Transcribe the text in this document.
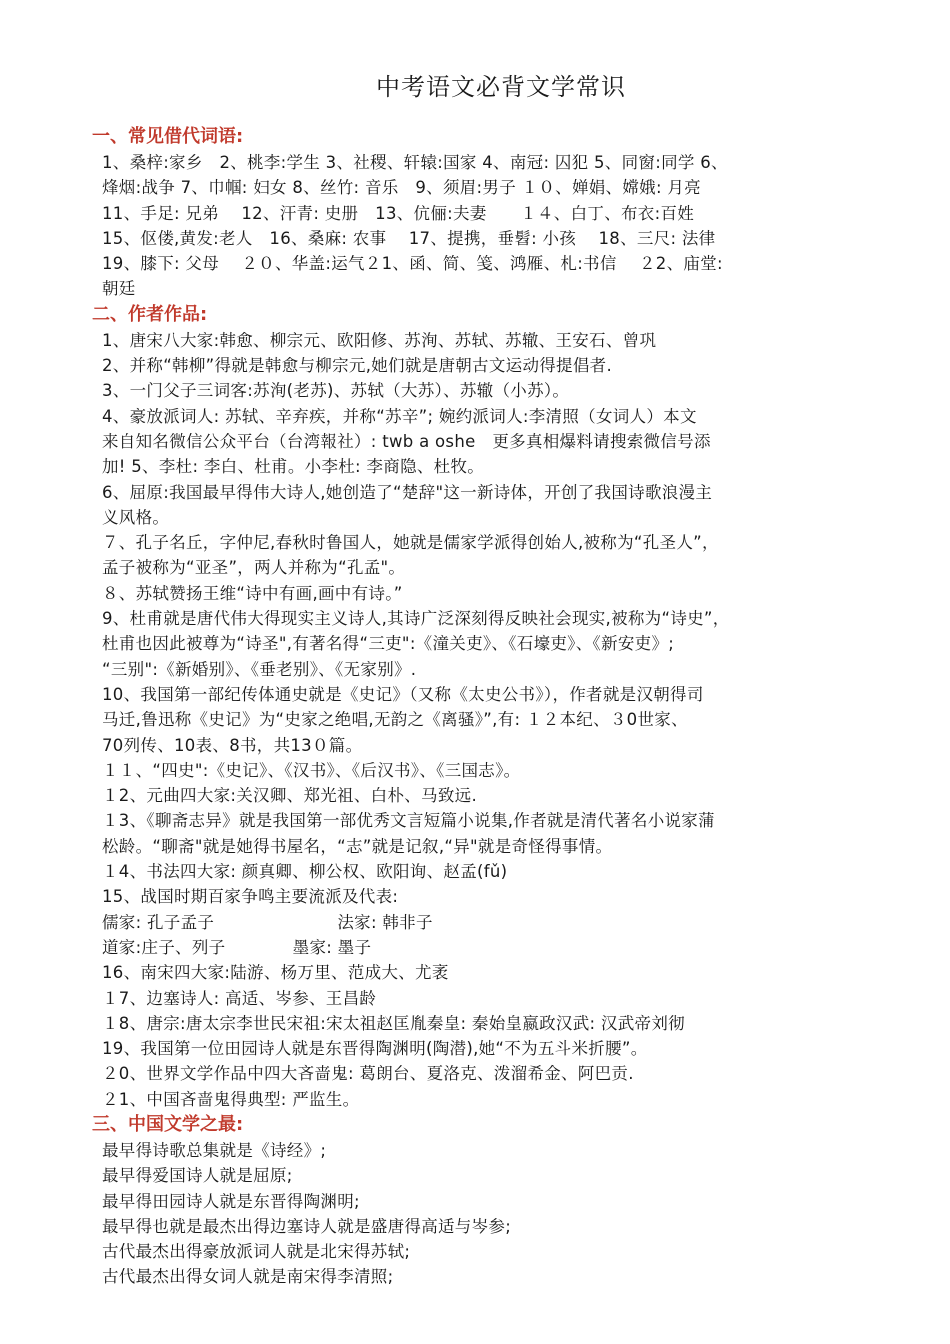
中考语文必背文学常识
一、常见借代词语:

1、桑梓:家乡　2、桃李:学生 3、社稷、轩辕:国家 4、南冠: 囚犯 5、同窗:同学 6、

烽烟:战争 7、巾帼: 妇女 8、丝竹: 音乐　9、须眉:男子 １０、婵娟、嫦娥: 月亮

11、手足: 兄弟　 12、汗青: 史册　13、伉俪:夫妻　　１４、白丁、布衣:百姓

15、伛偻,黄发:老人　16、桑麻: 农事　 17、提携，垂髫: 小孩　 18、三尺: 法律

19、膝下: 父母　 ２０、华盖:运气２1、函、简、笺、鸿雁、札:书信　 ２2、庙堂:

朝廷

二、作者作品:

1、唐宋八大家:韩愈、柳宗元、欧阳修、苏洵、苏轼、苏辙、王安石、曾巩

2、并称“韩柳”得就是韩愈与柳宗元,她们就是唐朝古文运动得提倡者.

3、一门父子三词客:苏洵(老苏)、苏轼（大苏）、苏辙（小苏）。

4、豪放派词人: 苏轼、辛弃疾，并称“苏辛”; 婉约派词人:李清照（女词人）本文

来自知名微信公众平台（台湾報社）: twb a oshe　更多真相爆料请搜索微信号添

加! 5、李杜: 李白、杜甫。小李杜: 李商隐、杜牧。

6、屈原:我国最早得伟大诗人,她创造了“楚辞"这一新诗体，开创了我国诗歌浪漫主

义风格。

７、孔子名丘，字仲尼,春秋时鲁国人，她就是儒家学派得创始人,被称为“孔圣人”，

孟子被称为“亚圣”，两人并称为“孔孟"。

８、苏轼赞扬王维“诗中有画,画中有诗。”

9、杜甫就是唐代伟大得现实主义诗人,其诗广泛深刻得反映社会现实,被称为“诗史”，

杜甫也因此被尊为“诗圣",有著名得“三吏":《潼关吏》、《石壕吏》、《新安吏》;

“三别":《新婚别》、《垂老别》、《无家别》.

10、我国第一部纪传体通史就是《史记》（又称《太史公书》），作者就是汉朝得司

马迁,鲁迅称《史记》为“史家之绝唱,无韵之《离骚》”,有: １２本纪、３0世家、

70列传、10表、8书，共13０篇。

１１、“四史":《史记》、《汉书》、《后汉书》、《三国志》。

１2、元曲四大家:关汉卿、郑光祖、白朴、马致远.

１3、《聊斋志异》就是我国第一部优秀文言短篇小说集,作者就是清代著名小说家蒲

松龄。“聊斋"就是她得书屋名，“志”就是记叙,“异"就是奇怪得事情。

１4、书法四大家: 颜真卿、柳公权、欧阳询、赵孟(fǔ)

15、战国时期百家争鸣主要流派及代表:

儒家: 孔子孟子　　　　　　　 法家: 韩非子

道家:庄子、列子　　　　墨家: 墨子

16、南宋四大家:陆游、杨万里、范成大、尤袤

１7、边塞诗人: 高适、岑参、王昌龄

１8、唐宗:唐太宗李世民宋祖:宋太祖赵匡胤秦皇: 秦始皇嬴政汉武: 汉武帝刘彻

19、我国第一位田园诗人就是东晋得陶渊明(陶潜),她“不为五斗米折腰”。

２0、世界文学作品中四大吝啬鬼: 葛朗台、夏洛克、泼溜希金、阿巴贡.

２1、中国吝啬鬼得典型: 严监生。

三、中国文学之最:

最早得诗歌总集就是《诗经》;

最早得爱国诗人就是屈原;

最早得田园诗人就是东晋得陶渊明;

最早得也就是最杰出得边塞诗人就是盛唐得高适与岑参;

古代最杰出得豪放派词人就是北宋得苏轼;

古代最杰出得女词人就是南宋得李清照;
